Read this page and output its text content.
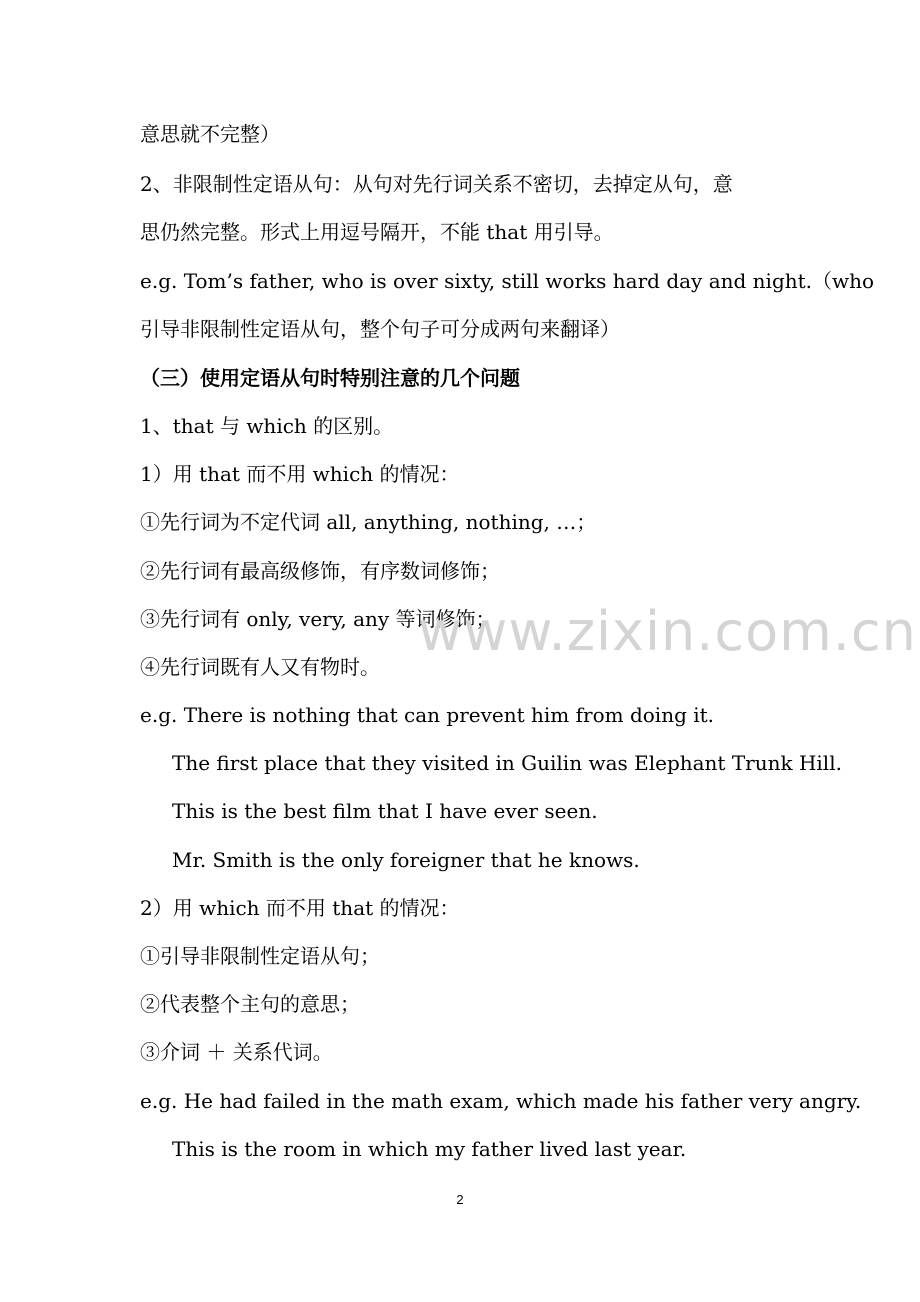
意思就不完整）
2、非限制性定语从句：从句对先行词关系不密切，去掉定从句，意
思仍然完整。形式上用逗号隔开，不能 that 用引导。
e.g. Tom’s father, who is over sixty, still works hard day and night.（who
引导非限制性定语从句，整个句子可分成两句来翻译）
（三）使用定语从句时特别注意的几个问题
1、that 与 which 的区别。
1）用 that 而不用 which 的情况：
①先行词为不定代词 all, anything, nothing, …；
②先行词有最高级修饰，有序数词修饰；
③先行词有 only, very, any 等词修饰；
④先行词既有人又有物时。
e.g. There is nothing that can prevent him from doing it.
The first place that they visited in Guilin was Elephant Trunk Hill.
This is the best film that I have ever seen.
Mr. Smith is the only foreigner that he knows.
2）用 which 而不用 that 的情况：
①引导非限制性定语从句；
②代表整个主句的意思；
③介词 ＋ 关系代词。
e.g. He had failed in the math exam, which made his father very angry.
This is the room in which my father lived last year.
www.zixin.com.cn
2
